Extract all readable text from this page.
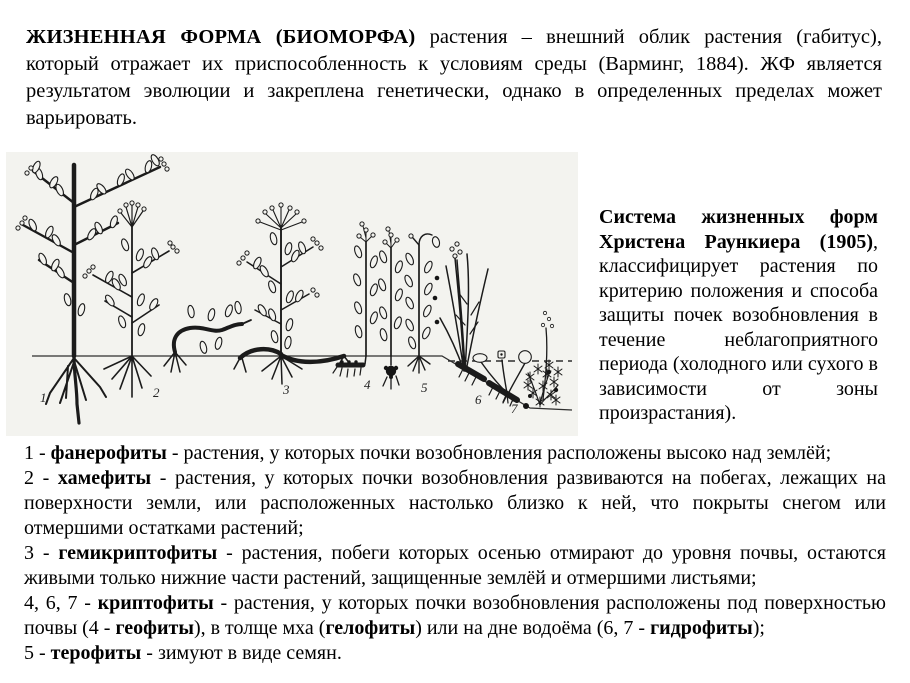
ЖИЗНЕННАЯ ФОРМА (БИОМОРФА) растения – внешний облик растения (габитус), который отражает их приспособленность к условиям среды (Варминг, 1884). ЖФ является результатом эволюции и закреплена генетически, однако в определенных пределах может варьировать.

1	2	3	4	5
6
7

Система жизненных форм Христена Раункиера (1905), классифицирует растения по критерию положения и способа защиты почек возобновления в течение неблагоприятного периода (холодного или сухого в зависимости от зоны произрастания).

1 - фанерофиты - растения, у которых почки возобновления расположены высоко над землёй;

2 - хамефиты - растения, у которых почки возобновления развиваются на побегах, лежащих на поверхности земли, или расположенных настолько близко к ней, что покрыты снегом или отмершими остатками растений;

3 - гемикриптофиты - растения, побеги которых осенью отмирают до уровня почвы, остаются живыми только нижние части растений, защищенные землёй и отмершими листьями;

4, 6, 7 - криптофиты - растения, у которых почки возобновления расположены под поверхностью почвы (4 - геофиты), в толще мха (гелофиты) или на дне водоёма (6, 7 - гидрофиты);

5 - терофиты - зимуют в виде семян.
